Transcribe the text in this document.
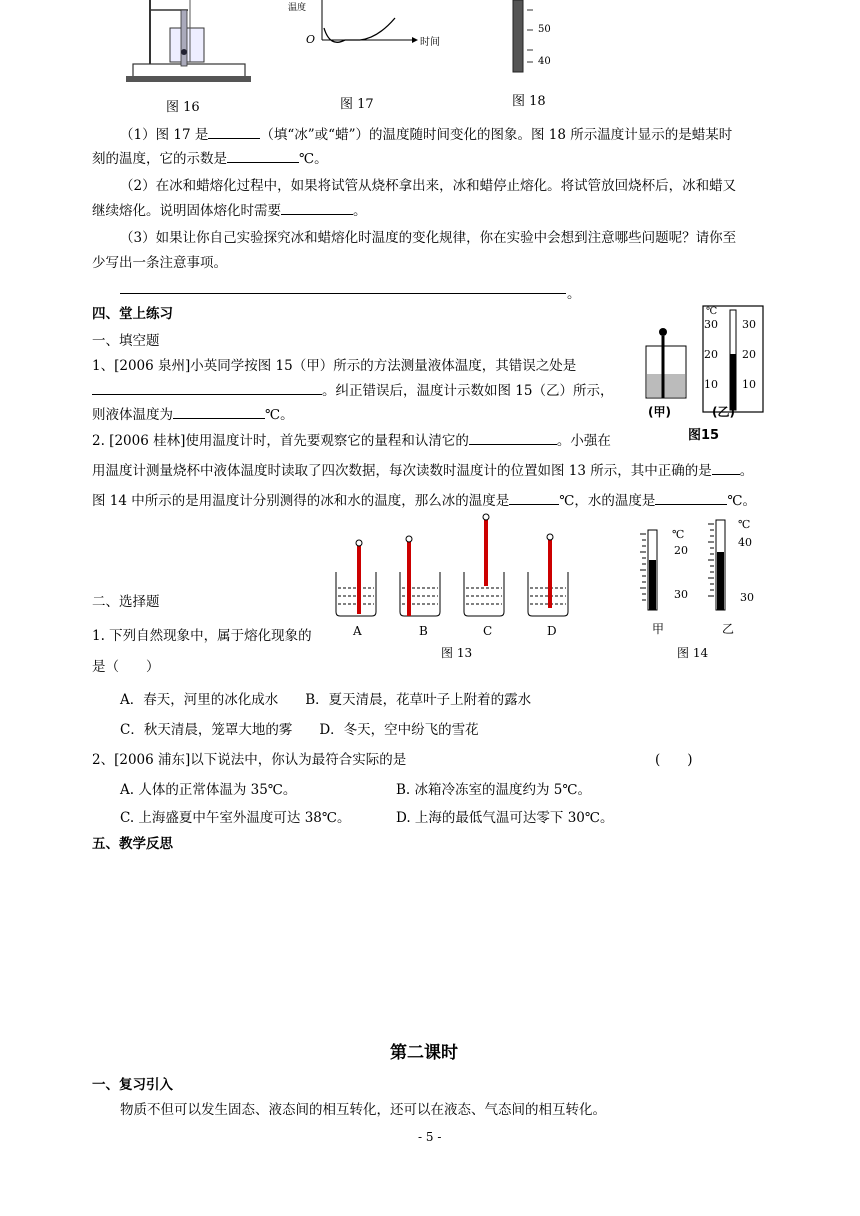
温度
O	时间
50
40
图 16	图 17	图 18
（1）图 17 是	（填“冰”或“蜡”）的温度随时间变化的图象。图 18 所示温度计显示的是蜡某时
刻的温度，它的示数是	℃。
（2）在冰和蜡熔化过程中，如果将试管从烧杯拿出来，冰和蜡停止熔化。将试管放回烧杯后，冰和蜡又
继续熔化。说明固体熔化时需要	。
（3）如果让你自己实验探究冰和蜡熔化时温度的变化规律，你在实验中会想到注意哪些问题呢？请你至
少写出一条注意事项。
。
四、堂上练习
一、填空题
1、[2006 泉州]小英同学按图 15（甲）所示的方法测量液体温度，其错误之处是
。纠正错误后，温度计示数如图 15（乙）所示，
则液体温度为	℃。
℃
30 30
20 20
10 10
(甲)	(乙)
图15
2. [2006 桂林]使用温度计时，首先要观察它的量程和认清它的	。小强在
用温度计测量烧杯中液体温度时读取了四次数据，每次读数时温度计的位置如图 13 所示，其中正确的是 。
图 14 中所示的是用温度计分别测得的冰和水的温度，那么冰的温度是	℃，水的温度是	℃。
A	B	C	D
图 13
℃
20
30
℃
40
30
甲	乙
图 14
二、选择题
1. 下列自然现象中，属于熔化现象的
是（　　）
A．春天，河里的冰化成水　　B．夏天清晨，花草叶子上附着的露水
C．秋天清晨，笼罩大地的雾　　D．冬天，空中纷飞的雪花
2、[2006 浦东]以下说法中，你认为最符合实际的是	(　　)
A. 人体的正常体温为 35℃。	B. 冰箱冷冻室的温度约为 5℃。
C. 上海盛夏中午室外温度可达 38℃。	D. 上海的最低气温可达零下 30℃。
五、教学反思
第二课时
一、复习引入
物质不但可以发生固态、液态间的相互转化，还可以在液态、气态间的相互转化。
- 5 -
